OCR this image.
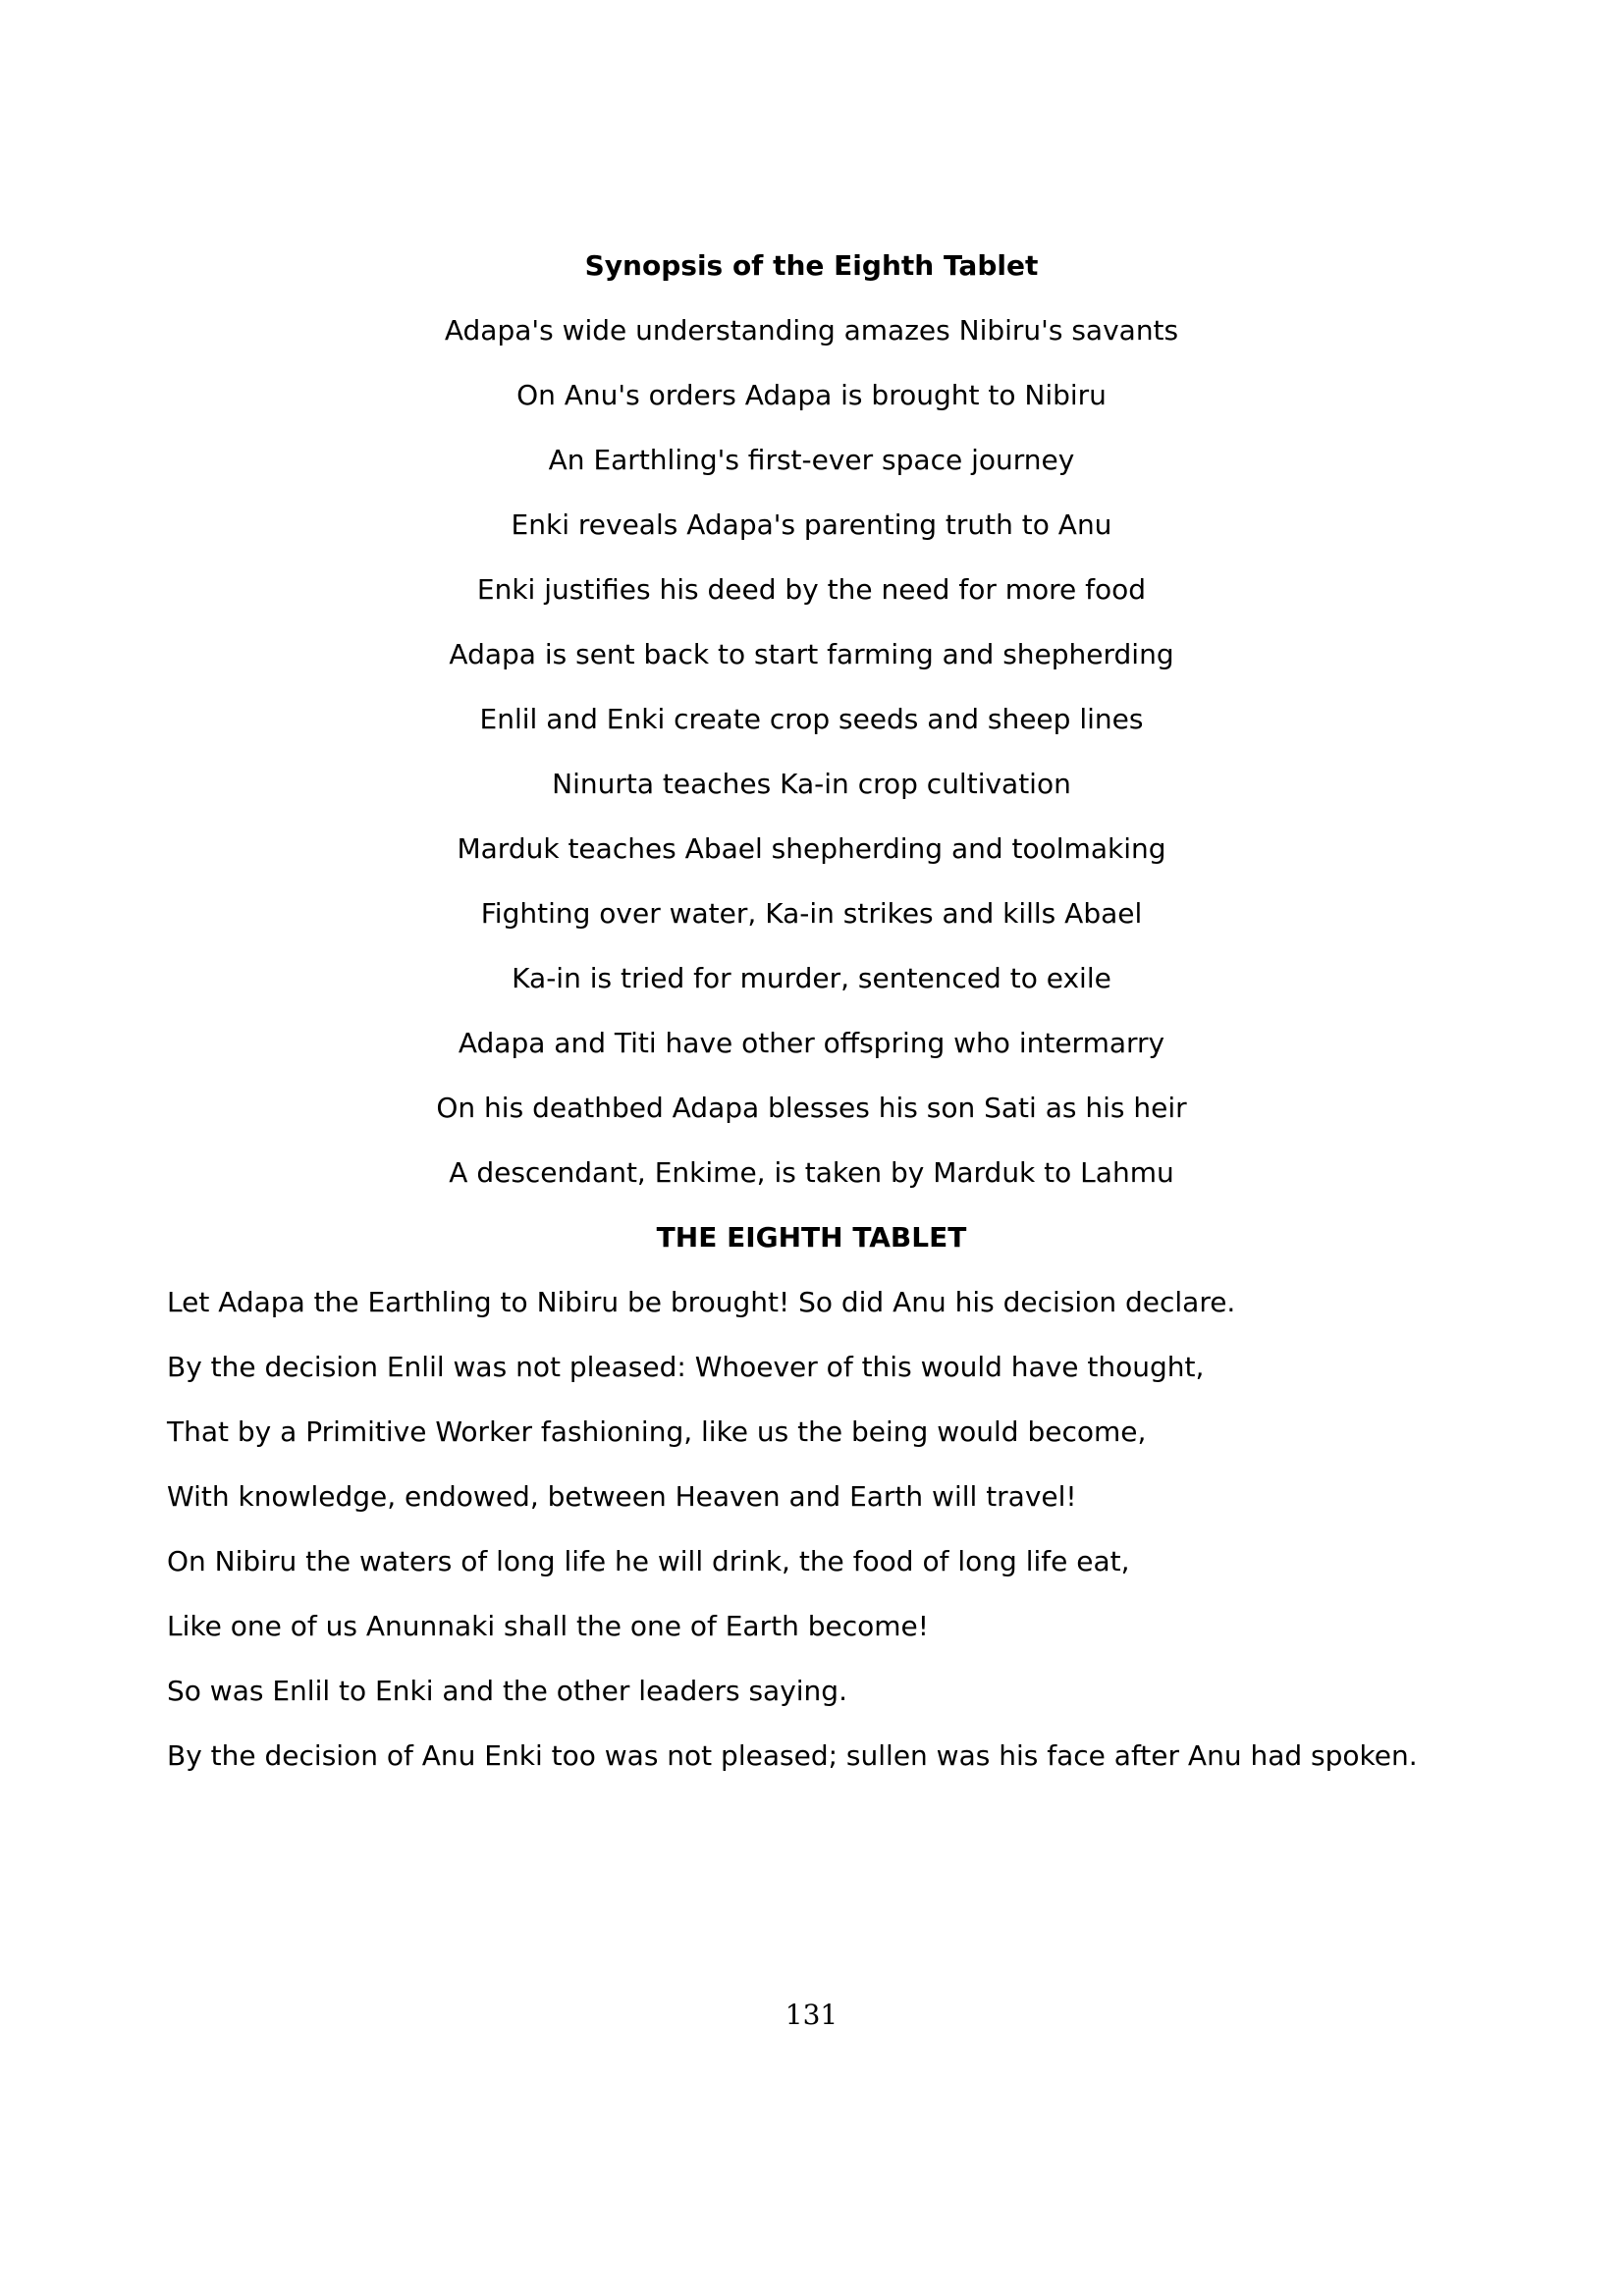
Synopsis of the Eighth Tablet
Adapa's wide understanding amazes Nibiru's savants
On Anu's orders Adapa is brought to Nibiru
An Earthling's first-ever space journey
Enki reveals Adapa's parenting truth to Anu
Enki justifies his deed by the need for more food
Adapa is sent back to start farming and shepherding
Enlil and Enki create crop seeds and sheep lines
Ninurta teaches Ka-in crop cultivation
Marduk teaches Abael shepherding and toolmaking
Fighting over water, Ka-in strikes and kills Abael
Ka-in is tried for murder, sentenced to exile
Adapa and Titi have other offspring who intermarry
On his deathbed Adapa blesses his son Sati as his heir
A descendant, Enkime, is taken by Marduk to Lahmu
THE EIGHTH TABLET
Let Adapa the Earthling to Nibiru be brought! So did Anu his decision declare.
By the decision Enlil was not pleased: Whoever of this would have thought,
That by a Primitive Worker fashioning, like us the being would become,
With knowledge, endowed, between Heaven and Earth will travel!
On Nibiru the waters of long life he will drink, the food of long life eat,
Like one of us Anunnaki shall the one of Earth become!
So was Enlil to Enki and the other leaders saying.
By the decision of Anu Enki too was not pleased; sullen was his face after Anu had spoken.
131
